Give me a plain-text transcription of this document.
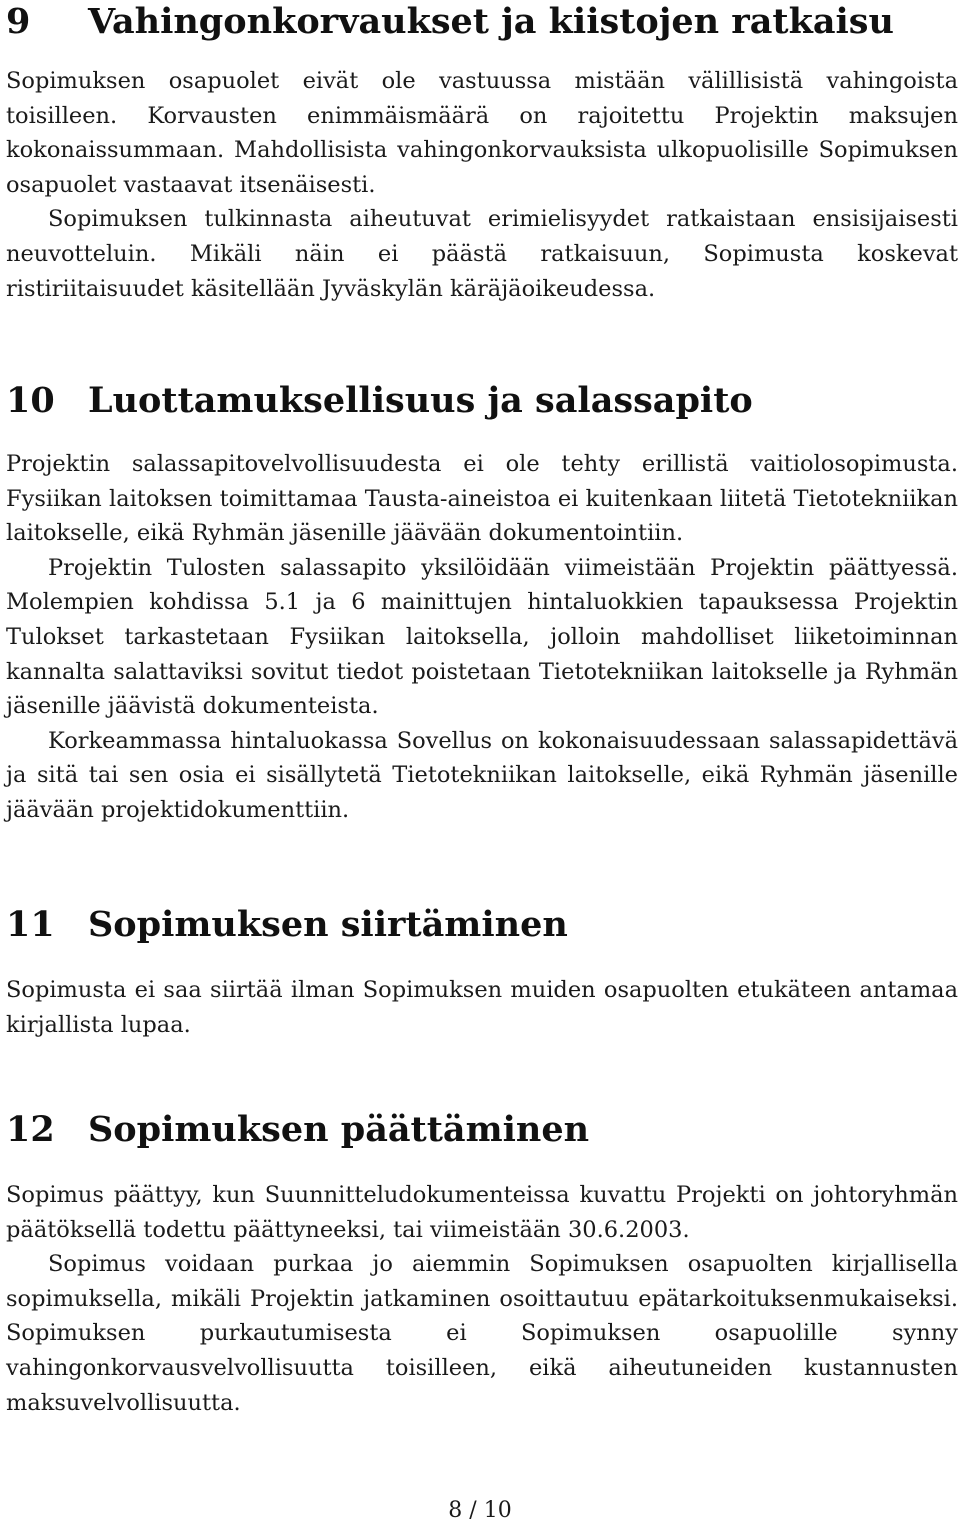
9	Vahingonkorvaukset ja kiistojen ratkaisu

Sopimuksen osapuolet eivät ole vastuussa mistään välillisistä vahingoista toisilleen. Korvausten enimmäismäärä on rajoitettu Projektin maksujen kokonaissummaan. Mahdollisista vahingonkorvauksista ulkopuolisille Sopimuksen osapuolet vastaavat itsenäisesti.

Sopimuksen tulkinnasta aiheutuvat erimielisyydet ratkaistaan ensisijaisesti neuvotteluin. Mikäli näin ei päästä ratkaisuun, Sopimusta koskevat ristiriitaisuudet käsitellään Jyväskylän käräjäoikeudessa.

10 Luottamuksellisuus ja salassapito

Projektin salassapitovelvollisuudesta ei ole tehty erillistä vaitiolosopimusta. Fysiikan laitoksen toimittamaa Tausta-aineistoa ei kuitenkaan liitetä Tietotekniikan laitokselle, eikä Ryhmän jäsenille jäävään dokumentointiin.

Projektin Tulosten salassapito yksilöidään viimeistään Projektin päättyessä. Molempien kohdissa 5.1 ja 6 mainittujen hintaluokkien tapauksessa Projektin Tulokset tarkastetaan Fysiikan laitoksella, jolloin mahdolliset liiketoiminnan kannalta salattaviksi sovitut tiedot poistetaan Tietotekniikan laitokselle ja Ryhmän jäsenille jäävistä dokumenteista.

Korkeammassa hintaluokassa Sovellus on kokonaisuudessaan salassapidettävä ja sitä tai sen osia ei sisällytetä Tietotekniikan laitokselle, eikä Ryhmän jäsenille jäävään projektidokumenttiin.

11 Sopimuksen siirtäminen

Sopimusta ei saa siirtää ilman Sopimuksen muiden osapuolten etukäteen antamaa kirjallista lupaa.

12 Sopimuksen päättäminen

Sopimus päättyy, kun Suunnitteludokumenteissa kuvattu Projekti on johtoryhmän päätöksellä todettu päättyneeksi, tai viimeistään 30.6.2003.

Sopimus voidaan purkaa jo aiemmin Sopimuksen osapuolten kirjallisella sopimuksella, mikäli Projektin jatkaminen osoittautuu epätarkoituksenmukaiseksi. Sopimuksen purkautumisesta ei Sopimuksen osapuolille synny vahingonkorvausvelvollisuutta toisilleen, eikä aiheutuneiden kustannusten maksuvelvollisuutta.

8 / 10
